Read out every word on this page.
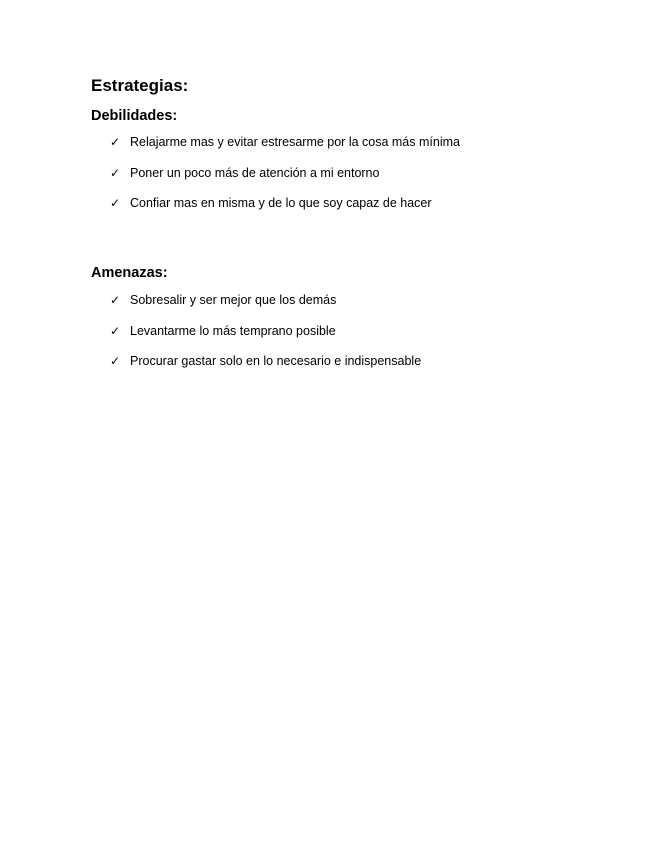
Estrategias:
Debilidades:
✓ Relajarme mas y evitar estresarme por la cosa más mínima
✓ Poner un poco más de atención a mi entorno
✓ Confiar mas en misma y de lo que soy capaz de hacer
Amenazas:
✓ Sobresalir y ser mejor que los demás
✓ Levantarme lo más temprano posible
✓ Procurar gastar solo en lo necesario e indispensable
